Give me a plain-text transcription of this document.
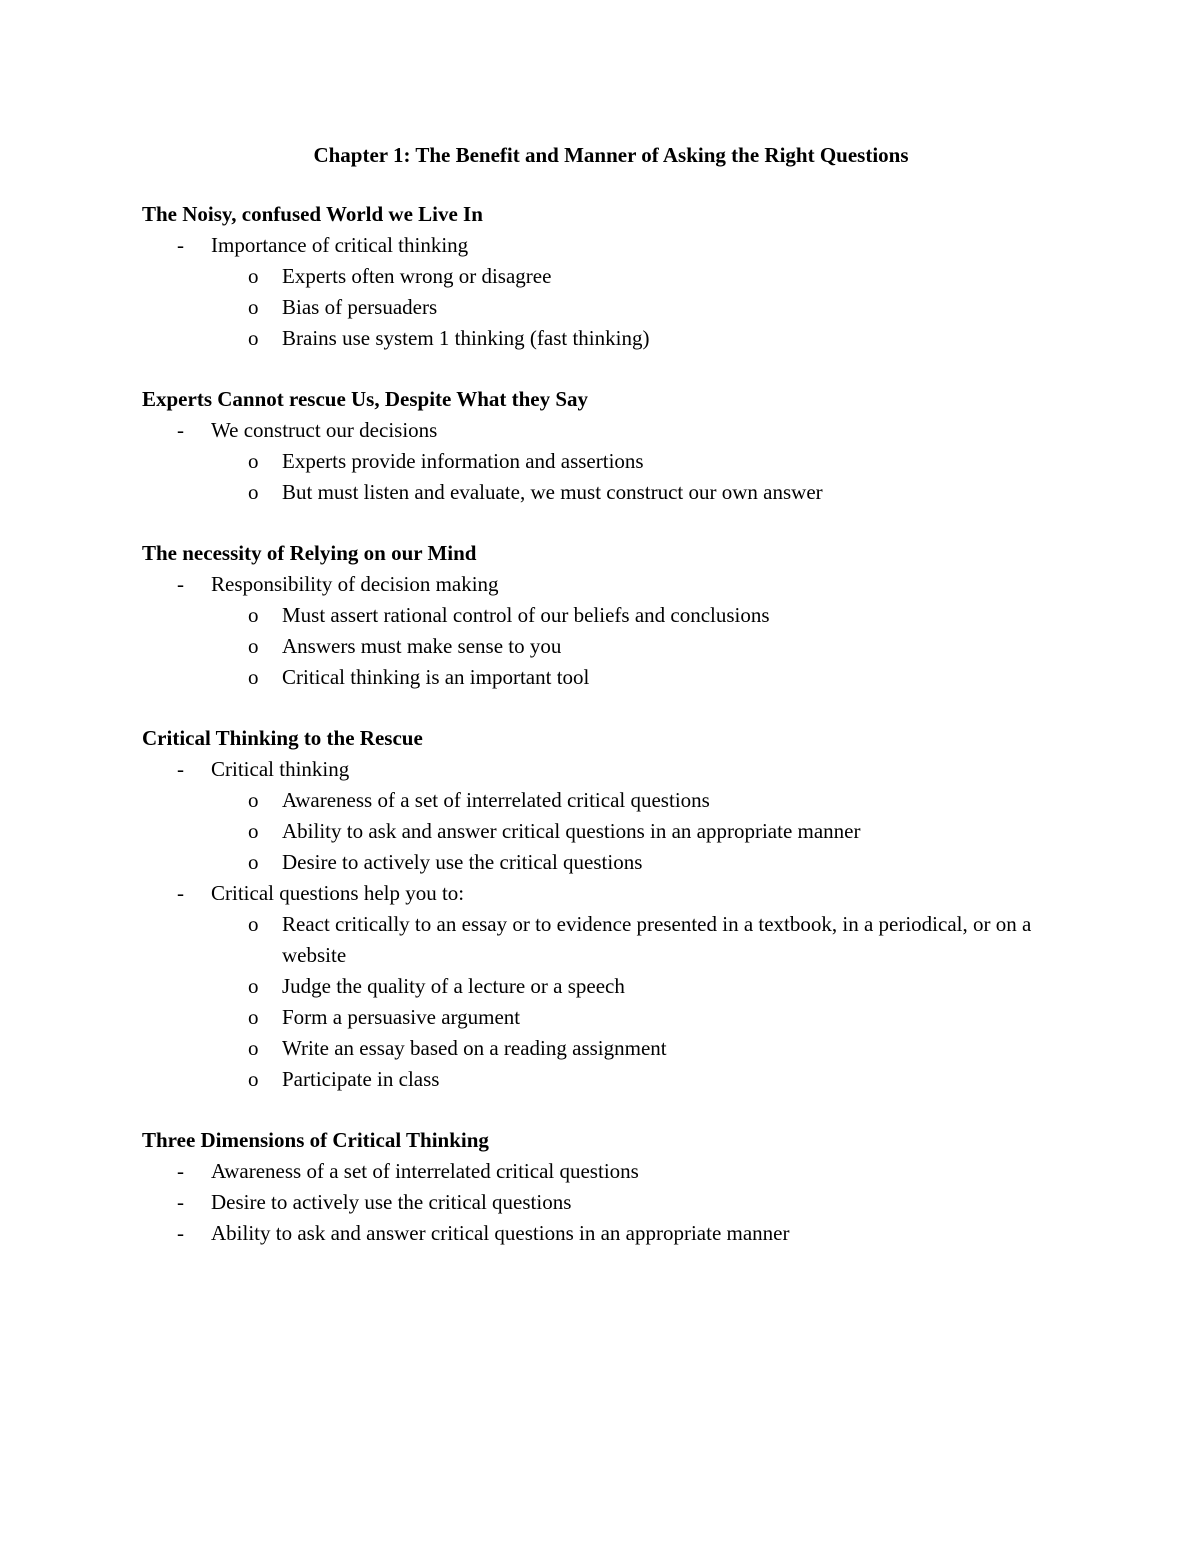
Chapter 1: The Benefit and Manner of Asking the Right Questions
The Noisy, confused World we Live In
- Importance of critical thinking
o Experts often wrong or disagree
o Bias of persuaders
o Brains use system 1 thinking (fast thinking)
Experts Cannot rescue Us, Despite What they Say
- We construct our decisions
o Experts provide information and assertions
o But must listen and evaluate, we must construct our own answer
The necessity of Relying on our Mind
- Responsibility of decision making
o Must assert rational control of our beliefs and conclusions
o Answers must make sense to you
o Critical thinking is an important tool
Critical Thinking to the Rescue
- Critical thinking
o Awareness of a set of interrelated critical questions
o Ability to ask and answer critical questions in an appropriate manner
o Desire to actively use the critical questions
- Critical questions help you to:
o React critically to an essay or to evidence presented in a textbook, in a periodical, or on a website
o Judge the quality of a lecture or a speech
o Form a persuasive argument
o Write an essay based on a reading assignment
o Participate in class
Three Dimensions of Critical Thinking
- Awareness of a set of interrelated critical questions
- Desire to actively use the critical questions
- Ability to ask and answer critical questions in an appropriate manner
